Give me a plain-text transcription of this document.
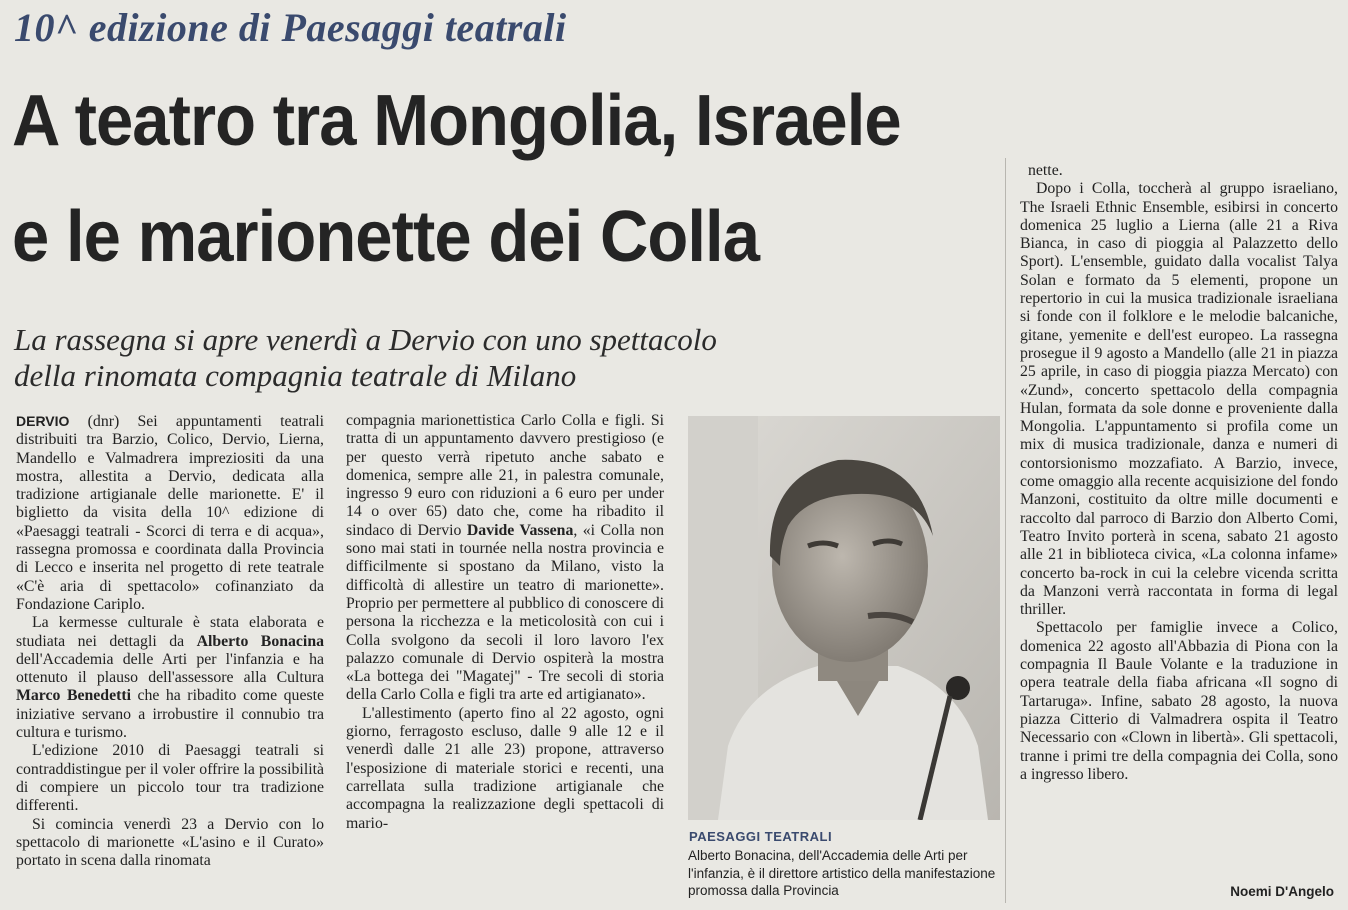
10^ edizione di Paesaggi teatrali
A teatro tra Mongolia, Israele
e le marionette dei Colla
La rassegna si apre venerdì a Dervio con uno spettacolo
della rinomata compagnia teatrale di Milano

DERVIO (dnr) Sei appuntamenti teatrali distribuiti tra Barzio, Colico, Dervio, Lierna, Mandello e Valmadrera impreziositi da una mostra, allestita a Dervio, dedicata alla tradizione artigianale delle marionette. E' il biglietto da visita della 10^ edizione di «Paesaggi teatrali - Scorci di terra e di acqua», rassegna promossa e coordinata dalla Provincia di Lecco e inserita nel progetto di rete teatrale «C'è aria di spettacolo» cofinanziato da Fondazione Cariplo.

La kermesse culturale è stata elaborata e studiata nei dettagli da Alberto Bonacina dell'Accademia delle Arti per l'infanzia e ha ottenuto il plauso dell'assessore alla Cultura Marco Benedetti che ha ribadito come queste iniziative servano a irrobustire il connubio tra cultura e turismo.

L'edizione 2010 di Paesaggi teatrali si contraddistingue per il voler offrire la possibilità di compiere un piccolo tour tra tradizione differenti.

Si comincia venerdì 23 a Dervio con lo spettacolo di marionette «L'asino e il Curato» portato in scena dalla rinomata

compagnia marionettistica Carlo Colla e figli. Si tratta di un appuntamento davvero prestigioso (e per questo verrà ripetuto anche sabato e domenica, sempre alle 21, in palestra comunale, ingresso 9 euro con riduzioni a 6 euro per under 14 o over 65) dato che, come ha ribadito il sindaco di Dervio Davide Vassena, «i Colla non sono mai stati in tournée nella nostra provincia e difficilmente si spostano da Milano, visto la difficoltà di allestire un teatro di marionette». Proprio per permettere al pubblico di conoscere di persona la ricchezza e la meticolosità con cui i Colla svolgono da secoli il loro lavoro l'ex palazzo comunale di Dervio ospiterà la mostra «La bottega dei "Magatej" - Tre secoli di storia della Carlo Colla e figli tra arte ed artigianato».

L'allestimento (aperto fino al 22 agosto, ogni giorno, ferragosto escluso, dalle 9 alle 12 e il venerdì dalle 21 alle 23) propone, attraverso l'esposizione di materiale storici e recenti, una carrellata sulla tradizione artigianale che accompagna la realizzazione degli spettacoli di mario-

nette.

Dopo i Colla, toccherà al gruppo israeliano, The Israeli Ethnic Ensemble, esibirsi in concerto domenica 25 luglio a Lierna (alle 21 a Riva Bianca, in caso di pioggia al Palazzetto dello Sport). L'ensemble, guidato dalla vocalist Talya Solan e formato da 5 elementi, propone un repertorio in cui la musica tradizionale israeliana si fonde con il folklore e le melodie balcaniche, gitane, yemenite e dell'est europeo. La rassegna prosegue il 9 agosto a Mandello (alle 21 in piazza 25 aprile, in caso di pioggia piazza Mercato) con «Zund», concerto spettacolo della compagnia Hulan, formata da sole donne e proveniente dalla Mongolia. L'appuntamento si profila come un mix di musica tradizionale, danza e numeri di contorsionismo mozzafiato. A Barzio, invece, come omaggio alla recente acquisizione del fondo Manzoni, costituito da oltre mille documenti e raccolto dal parroco di Barzio don Alberto Comi, Teatro Invito porterà in scena, sabato 21 agosto alle 21 in biblioteca civica, «La colonna infame» concerto ba-rock in cui la celebre vicenda scritta da Manzoni verrà raccontata in forma di legal thriller.

Spettacolo per famiglie invece a Colico, domenica 22 agosto all'Abbazia di Piona con la compagnia Il Baule Volante e la traduzione in opera teatrale della fiaba africana «Il sogno di Tartaruga». Infine, sabato 28 agosto, la nuova piazza Citterio di Valmadrera ospita il Teatro Necessario con «Clown in libertà». Gli spettacoli, tranne i primi tre della compagnia dei Colla, sono a ingresso libero.

PAESAGGI TEATRALI
Alberto Bonacina, dell'Accademia delle Arti per l'infanzia, è il direttore artistico della manifestazione promossa dalla Provincia	Noemi D'Angelo
